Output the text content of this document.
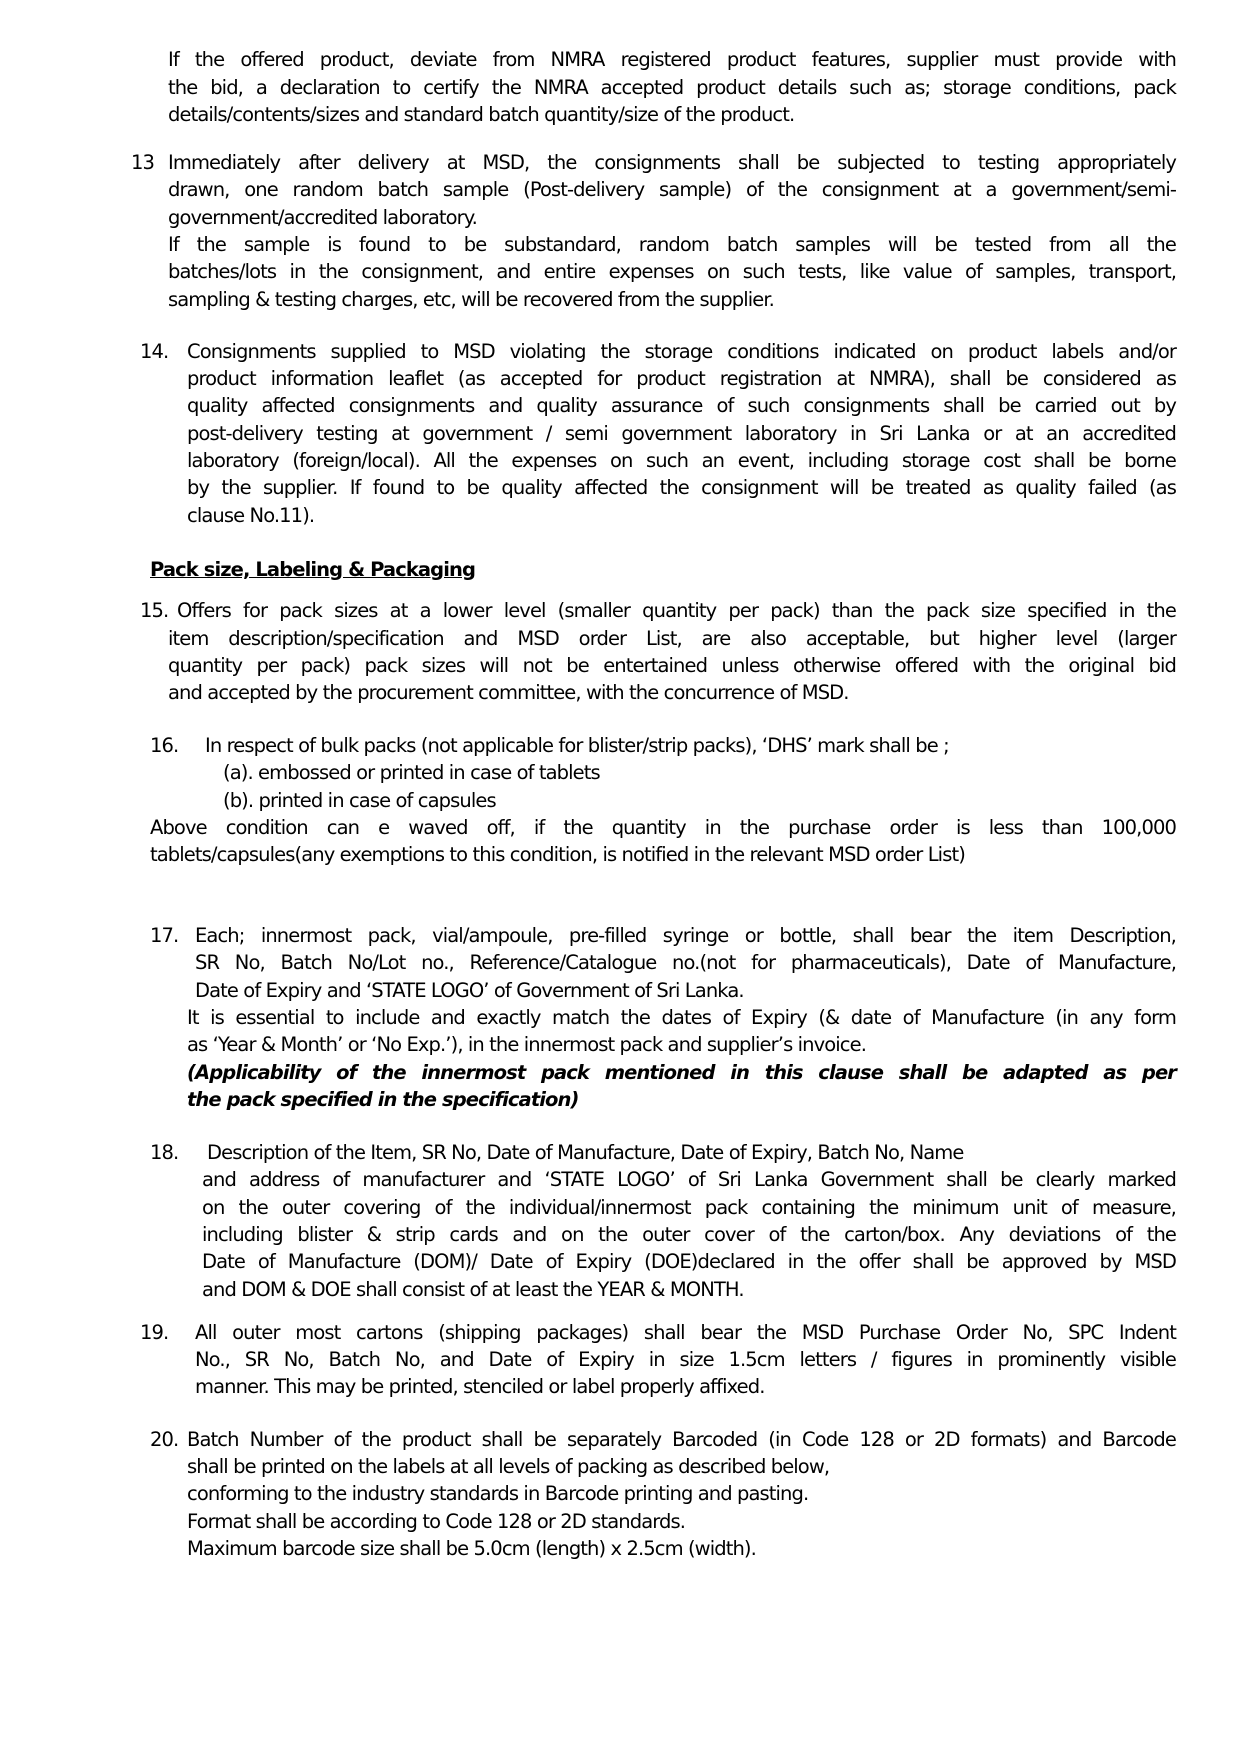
If the offered product, deviate from NMRA registered product features, supplier must provide with
the bid, a declaration to certify the NMRA accepted product details such as; storage conditions, pack
details/contents/sizes and standard batch quantity/size of the product.
13 Immediately after delivery at MSD, the consignments shall be subjected to testing appropriately
drawn, one random batch sample (Post-delivery sample) of the consignment at a government/semi-
government/accredited laboratory.
If the sample is found to be substandard, random batch samples will be tested from all the
batches/lots in the consignment, and entire expenses on such tests, like value of samples, transport,
sampling & testing charges, etc, will be recovered from the supplier.
14. Consignments supplied to MSD violating the storage conditions indicated on product labels and/or
product information leaflet (as accepted for product registration at NMRA), shall be considered as
quality affected consignments and quality assurance of such consignments shall be carried out by
post-delivery testing at government / semi government laboratory in Sri Lanka or at an accredited
laboratory (foreign/local). All the expenses on such an event, including storage cost shall be borne
by the supplier. If found to be quality affected the consignment will be treated as quality failed (as
clause No.11).
Pack size, Labeling & Packaging
15. Offers for pack sizes at a lower level (smaller quantity per pack) than the pack size specified in the
item description/specification and MSD order List, are also acceptable, but higher level (larger
quantity per pack) pack sizes will not be entertained unless otherwise offered with the original bid
and accepted by the procurement committee, with the concurrence of MSD.
16. In respect of bulk packs (not applicable for blister/strip packs), ‘DHS’ mark shall be ;
(a). embossed or printed in case of tablets
(b). printed in case of capsules
Above condition can e waved off, if the quantity in the purchase order is less than 100,000
tablets/capsules(any exemptions to this condition, is notified in the relevant MSD order List)
17. Each; innermost pack, vial/ampoule, pre-filled syringe or bottle, shall bear the item Description,
SR No, Batch No/Lot no., Reference/Catalogue no.(not for pharmaceuticals), Date of Manufacture,
Date of Expiry and ‘STATE LOGO’ of Government of Sri Lanka.
It is essential to include and exactly match the dates of Expiry (& date of Manufacture (in any form
as ‘Year & Month’ or ‘No Exp.’), in the innermost pack and supplier’s invoice.
(Applicability of the innermost pack mentioned in this clause shall be adapted as per
the pack specified in the specification)
18. Description of the Item, SR No, Date of Manufacture, Date of Expiry, Batch No, Name
and address of manufacturer and ‘STATE LOGO’ of Sri Lanka Government shall be clearly marked
on the outer covering of the individual/innermost pack containing the minimum unit of measure,
including blister & strip cards and on the outer cover of the carton/box. Any deviations of the
Date of Manufacture (DOM)/ Date of Expiry (DOE)declared in the offer shall be approved by MSD
and DOM & DOE shall consist of at least the YEAR & MONTH.
19. All outer most cartons (shipping packages) shall bear the MSD Purchase Order No, SPC Indent
No., SR No, Batch No, and Date of Expiry in size 1.5cm letters / figures in prominently visible
manner. This may be printed, stenciled or label properly affixed.
20. Batch Number of the product shall be separately Barcoded (in Code 128 or 2D formats) and Barcode
shall be printed on the labels at all levels of packing as described below,
conforming to the industry standards in Barcode printing and pasting.
Format shall be according to Code 128 or 2D standards.
Maximum barcode size shall be 5.0cm (length) x 2.5cm (width).
